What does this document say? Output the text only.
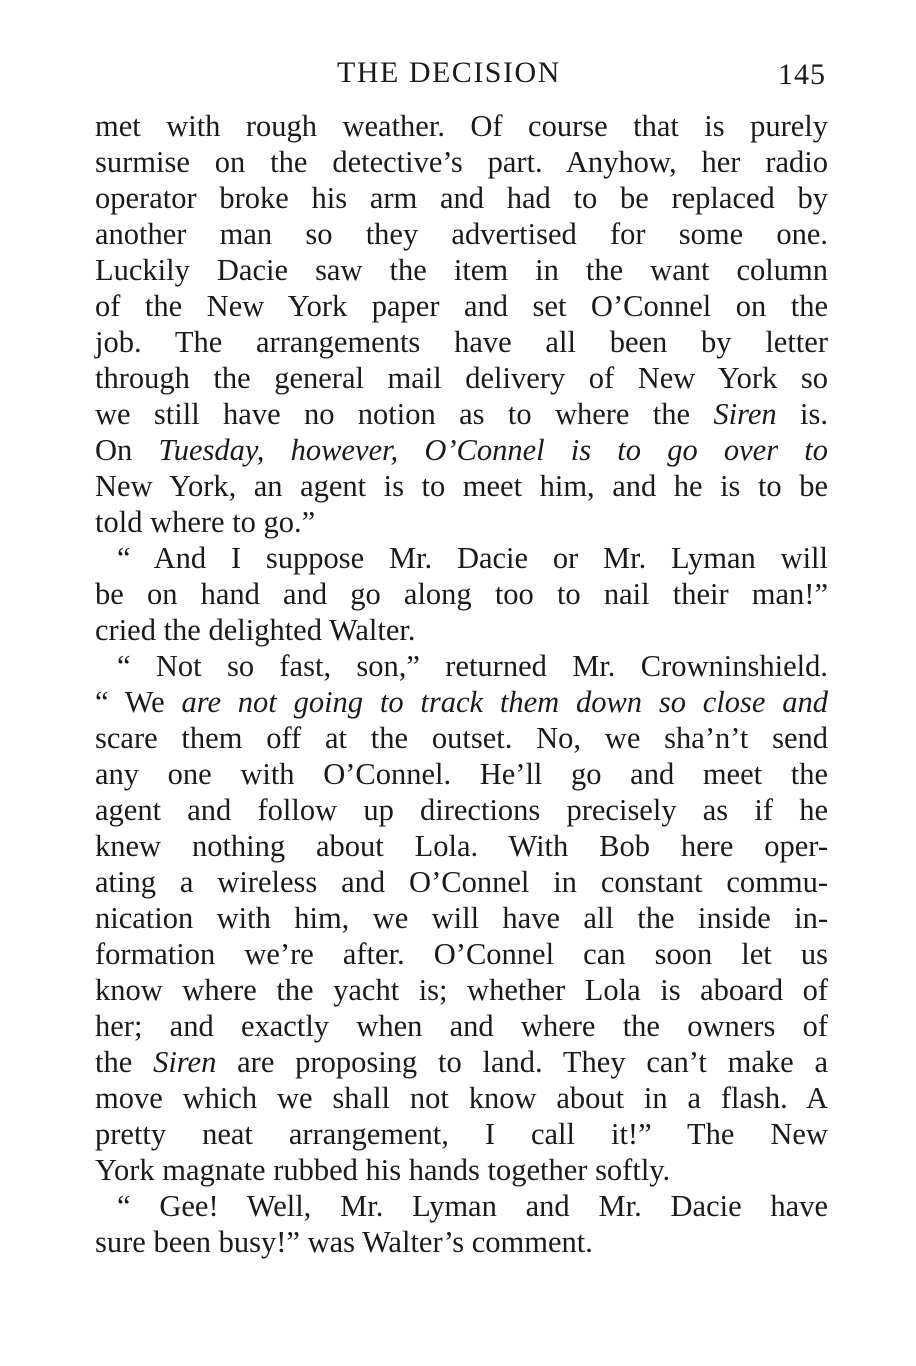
THE DECISION	145

met with rough weather. Of course that is purely
surmise on the detective’s part. Anyhow, her radio
operator broke his arm and had to be replaced by
another man so they advertised for some one.
Luckily Dacie saw the item in the want column
of the New York paper and set O’Connel on the
job. The arrangements have all been by letter
through the general mail delivery of New York so
we still have no notion as to where the Siren is.
On Tuesday, however, O’Connel is to go over to
New York, an agent is to meet him, and he is to be
told where to go.”

“ And I suppose Mr. Dacie or Mr. Lyman will
be on hand and go along too to nail their man!”
cried the delighted Walter.

“ Not so fast, son,” returned Mr. Crowninshield.
“ We are not going to track them down so close and
scare them off at the outset. No, we sha’n’t send
any one with O’Connel. He’ll go and meet the
agent and follow up directions precisely as if he
knew nothing about Lola. With Bob here oper-
ating a wireless and O’Connel in constant commu-
nication with him, we will have all the inside in-
formation we’re after. O’Connel can soon let us
know where the yacht is; whether Lola is aboard of
her; and exactly when and where the owners of
the Siren are proposing to land. They can’t make a
move which we shall not know about in a flash. A
pretty neat arrangement, I call it!” The New
York magnate rubbed his hands together softly.

“ Gee! Well, Mr. Lyman and Mr. Dacie have
sure been busy!” was Walter’s comment.
